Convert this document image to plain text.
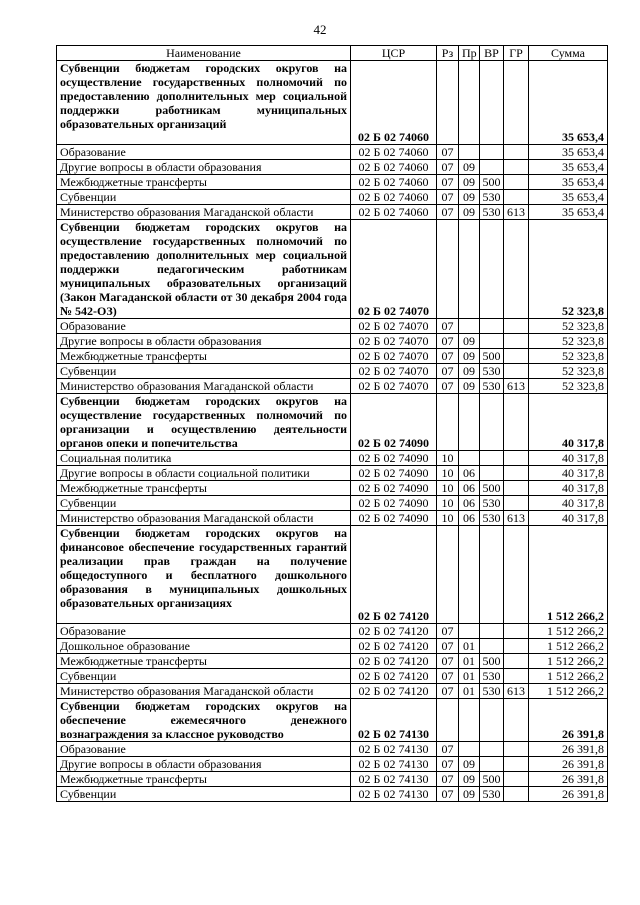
42
Наименование	ЦСР	Рз	Пр	ВР	ГР	Сумма

Субвенции бюджетам городских округов на осуществление государственных полномочий по предоставлению дополнительных мер социальной поддержки работникам муниципальных образовательных организаций	02 Б 02 74060					35 653,4
Образование	02 Б 02 74060	07				35 653,4
Другие вопросы в области образования	02 Б 02 74060	07	09			35 653,4
Межбюджетные трансферты	02 Б 02 74060	07	09	500		35 653,4
Субвенции	02 Б 02 74060	07	09	530		35 653,4
Министерство образования Магаданской области	02 Б 02 74060	07	09	530	613	35 653,4

Субвенции бюджетам городских округов на осуществление государственных полномочий по предоставлению дополнительных мер социальной поддержки педагогическим работникам муниципальных образовательных организаций (Закон Магаданской области от 30 декабря 2004 года № 542-ОЗ)	02 Б 02 74070					52 323,8
Образование	02 Б 02 74070	07				52 323,8
Другие вопросы в области образования	02 Б 02 74070	07	09			52 323,8
Межбюджетные трансферты	02 Б 02 74070	07	09	500		52 323,8
Субвенции	02 Б 02 74070	07	09	530		52 323,8
Министерство образования Магаданской области	02 Б 02 74070	07	09	530	613	52 323,8

Субвенции бюджетам городских округов на осуществление государственных полномочий по организации и осуществлению деятельности органов опеки и попечительства	02 Б 02 74090					40 317,8
Социальная политика	02 Б 02 74090	10				40 317,8
Другие вопросы в области социальной политики	02 Б 02 74090	10	06			40 317,8
Межбюджетные трансферты	02 Б 02 74090	10	06	500		40 317,8
Субвенции	02 Б 02 74090	10	06	530		40 317,8
Министерство образования Магаданской области	02 Б 02 74090	10	06	530	613	40 317,8

Субвенции бюджетам городских округов на финансовое обеспечение государственных гарантий реализации прав граждан на получение общедоступного и бесплатного дошкольного образования в муниципальных дошкольных образовательных организациях	02 Б 02 74120					1 512 266,2
Образование	02 Б 02 74120	07				1 512 266,2
Дошкольное образование	02 Б 02 74120	07	01			1 512 266,2
Межбюджетные трансферты	02 Б 02 74120	07	01	500		1 512 266,2
Субвенции	02 Б 02 74120	07	01	530		1 512 266,2
Министерство образования Магаданской области	02 Б 02 74120	07	01	530	613	1 512 266,2

Субвенции бюджетам городских округов на обеспечение ежемесячного денежного вознаграждения за классное руководство	02 Б 02 74130					26 391,8
Образование	02 Б 02 74130	07				26 391,8
Другие вопросы в области образования	02 Б 02 74130	07	09			26 391,8
Межбюджетные трансферты	02 Б 02 74130	07	09	500		26 391,8
Субвенции	02 Б 02 74130	07	09	530		26 391,8
